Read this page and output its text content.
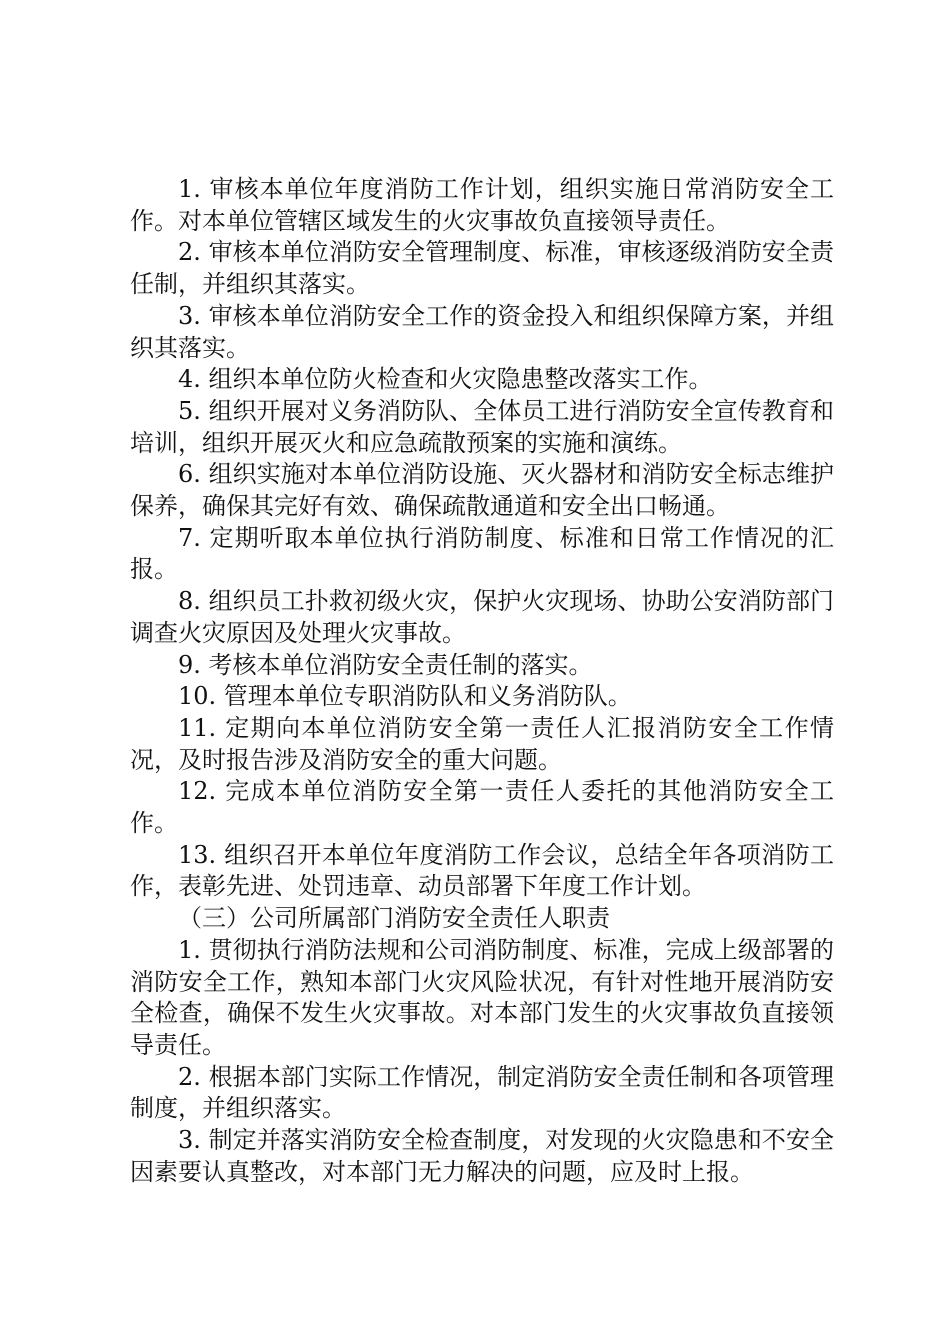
1. 审核本单位年度消防工作计划，组织实施日常消防安全工作。对本单位管辖区域发生的火灾事故负直接领导责任。

2. 审核本单位消防安全管理制度、标准，审核逐级消防安全责任制，并组织其落实。

3. 审核本单位消防安全工作的资金投入和组织保障方案，并组织其落实。

4. 组织本单位防火检查和火灾隐患整改落实工作。

5. 组织开展对义务消防队、全体员工进行消防安全宣传教育和培训，组织开展灭火和应急疏散预案的实施和演练。

6. 组织实施对本单位消防设施、灭火器材和消防安全标志维护保养，确保其完好有效、确保疏散通道和安全出口畅通。

7. 定期听取本单位执行消防制度、标准和日常工作情况的汇报。

8. 组织员工扑救初级火灾，保护火灾现场、协助公安消防部门调查火灾原因及处理火灾事故。

9. 考核本单位消防安全责任制的落实。

10. 管理本单位专职消防队和义务消防队。

11. 定期向本单位消防安全第一责任人汇报消防安全工作情况，及时报告涉及消防安全的重大问题。

12. 完成本单位消防安全第一责任人委托的其他消防安全工作。

13. 组织召开本单位年度消防工作会议，总结全年各项消防工作，表彰先进、处罚违章、动员部署下年度工作计划。

（三）公司所属部门消防安全责任人职责

1. 贯彻执行消防法规和公司消防制度、标准，完成上级部署的消防安全工作，熟知本部门火灾风险状况，有针对性地开展消防安全检查，确保不发生火灾事故。对本部门发生的火灾事故负直接领导责任。

2. 根据本部门实际工作情况，制定消防安全责任制和各项管理制度，并组织落实。

3. 制定并落实消防安全检查制度，对发现的火灾隐患和不安全因素要认真整改，对本部门无力解决的问题，应及时上报。
